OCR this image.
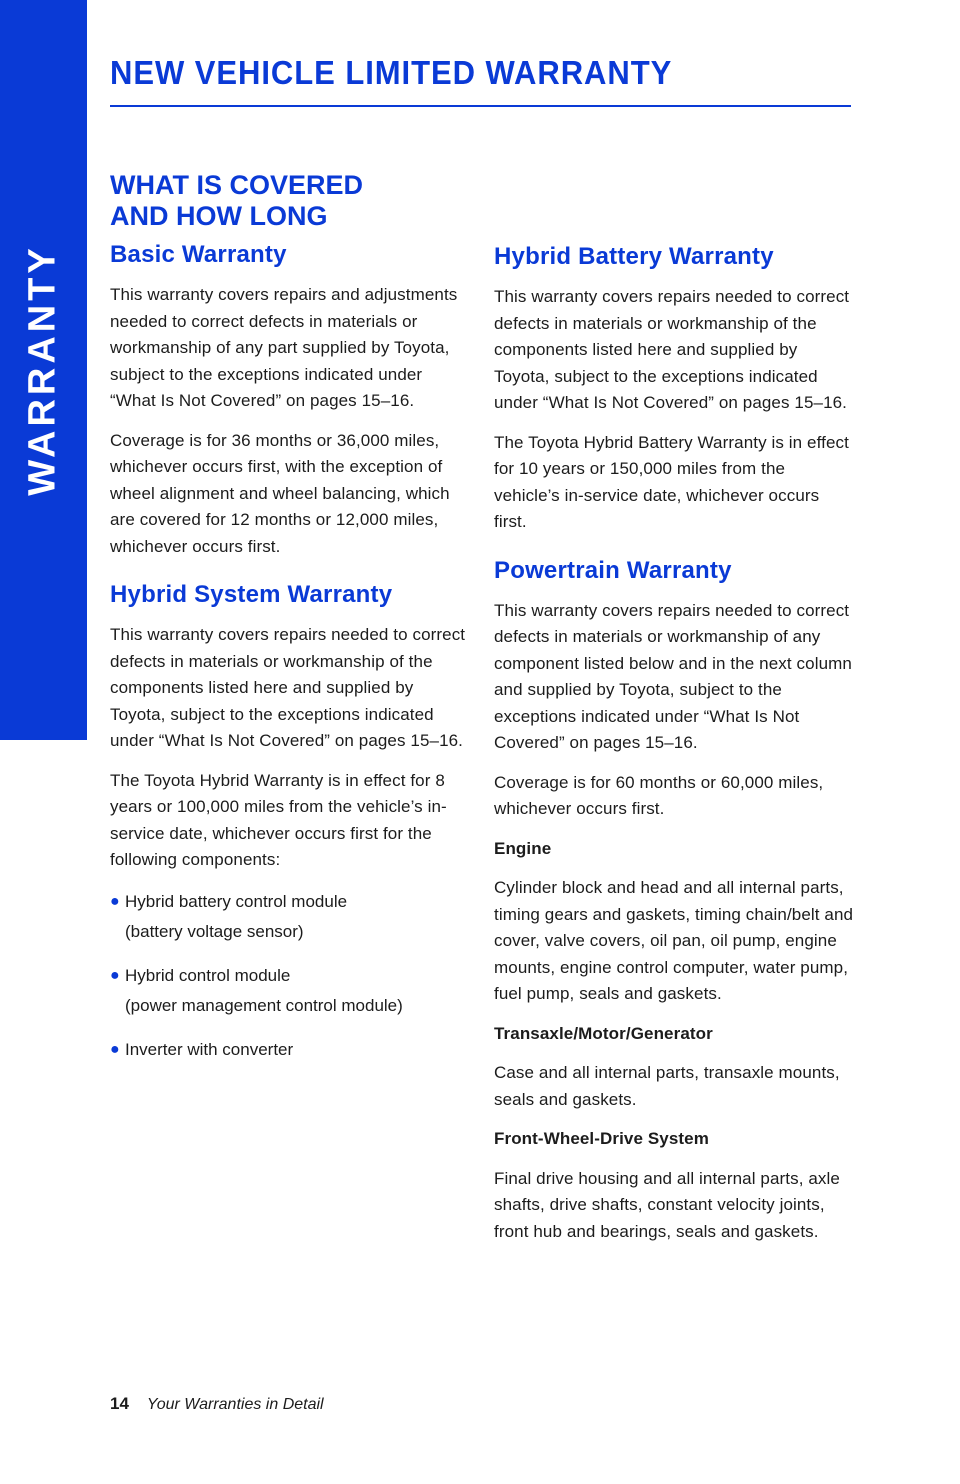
WARRANTY
NEW VEHICLE LIMITED WARRANTY
WHAT IS COVERED
AND HOW LONG
Basic Warranty

This warranty covers repairs and adjustments needed to correct defects in materials or workmanship of any part supplied by Toyota, subject to the exceptions indicated under “What Is Not Covered” on pages 15–16.

Coverage is for 36 months or 36,000 miles, whichever occurs first, with the exception of wheel alignment and wheel balancing, which are covered for 12 months or 12,000 miles, whichever occurs first.

Hybrid System Warranty

This warranty covers repairs needed to correct defects in materials or workmanship of the components listed here and supplied by Toyota, subject to the exceptions indicated under “What Is Not Covered” on pages 15–16.

The Toyota Hybrid Warranty is in effect for 8 years or 100,000 miles from the vehicle’s in-service date, whichever occurs first for the following components:

● Hybrid battery control module
(battery voltage sensor)
● Hybrid control module
(power management control module)
● Inverter with converter
Hybrid Battery Warranty

This warranty covers repairs needed to correct defects in materials or workmanship of the components listed here and supplied by Toyota, subject to the exceptions indicated under “What Is Not Covered” on pages 15–16.

The Toyota Hybrid Battery Warranty is in effect for 10 years or 150,000 miles from the vehicle’s in-service date, whichever occurs first.

Powertrain Warranty

This warranty covers repairs needed to correct defects in materials or workmanship of any component listed below and in the next column and supplied by Toyota, subject to the exceptions indicated under “What Is Not Covered” on pages 15–16.

Coverage is for 60 months or 60,000 miles, whichever occurs first.

Engine

Cylinder block and head and all internal parts, timing gears and gaskets, timing chain/belt and cover, valve covers, oil pan, oil pump, engine mounts, engine control computer, water pump, fuel pump, seals and gaskets.

Transaxle/Motor/Generator

Case and all internal parts, transaxle mounts, seals and gaskets.

Front-Wheel-Drive System

Final drive housing and all internal parts, axle shafts, drive shafts, constant velocity joints, front hub and bearings, seals and gaskets.

14 Your Warranties in Detail
